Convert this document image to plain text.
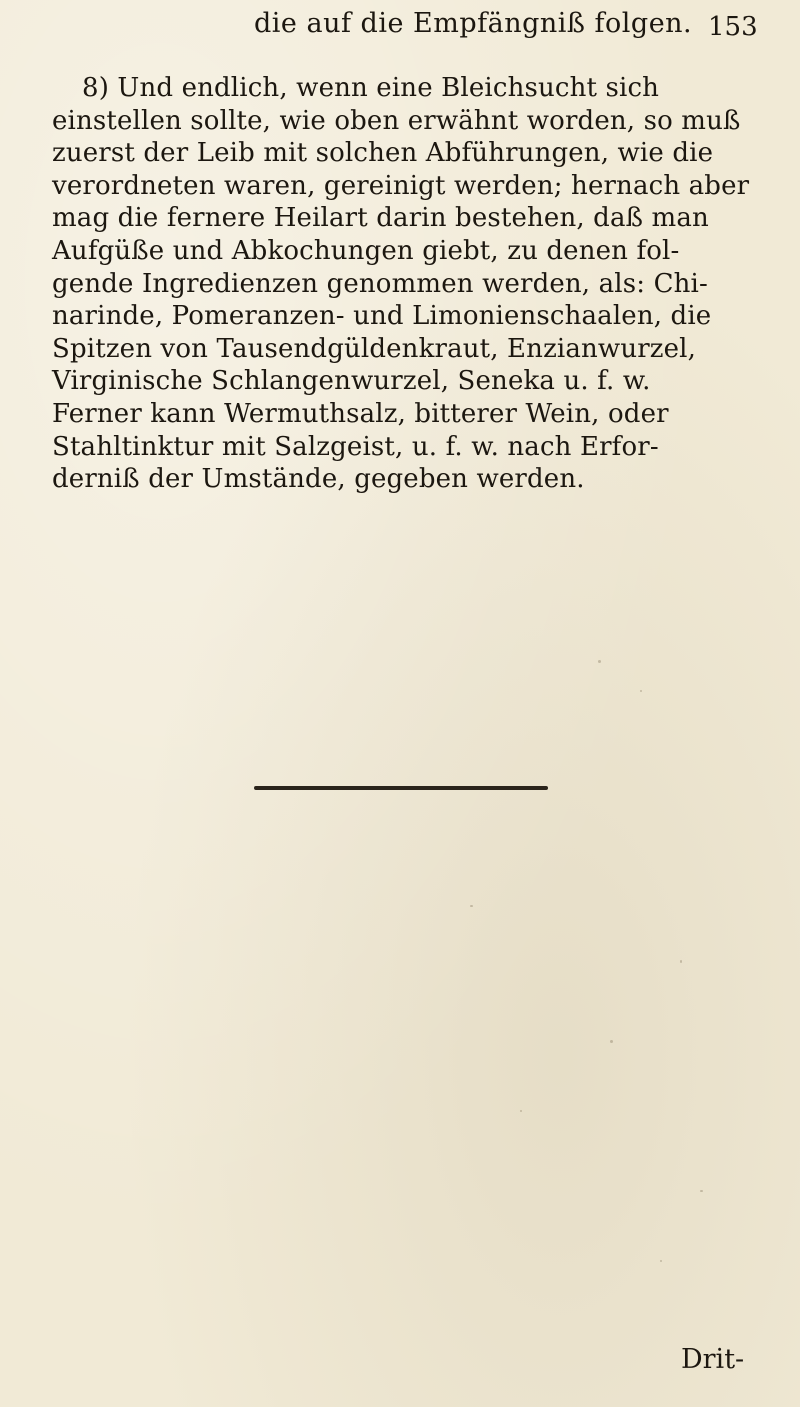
die auf die Empfängniß folgen. 153
8) Und endlich, wenn eine Bleichsucht sich
einstellen sollte, wie oben erwähnt worden, so muß
zuerst der Leib mit solchen Abführungen, wie die
verordneten waren, gereinigt werden; hernach aber
mag die fernere Heilart darin bestehen, daß man
Aufgüße und Abkochungen giebt, zu denen fol-
gende Ingredienzen genommen werden, als: Chi-
narinde, Pomeranzen- und Limonienschaalen, die
Spitzen von Tausendgüldenkraut, Enzianwurzel,
Virginische Schlangenwurzel, Seneka u. f. w.
Ferner kann Wermuthsalz, bitterer Wein, oder
Stahltinktur mit Salzgeist, u. f. w. nach Erfor-
derniß der Umstände, gegeben werden.
Drit-
